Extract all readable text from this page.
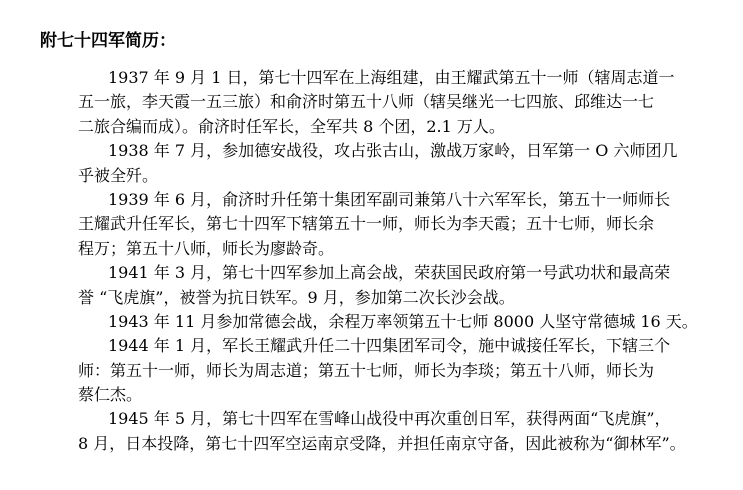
附七十四军简历：
1937 年 9 月 1 日，第七十四军在上海组建，由王耀武第五十一师（辖周志道一
五一旅，李天霞一五三旅）和俞济时第五十八师（辖吴继光一七四旅、邱维达一七
二旅合编而成）。俞济时任军长，全军共 8 个团，2.1 万人。
1938 年 7 月，参加德安战役，攻占张古山，激战万家岭，日军第一 O 六师团几
乎被全歼。
1939 年 6 月，俞济时升任第十集团军副司兼第八十六军军长，第五十一师师长
王耀武升任军长，第七十四军下辖第五十一师，师长为李天霞；五十七师，师长余
程万；第五十八师，师长为廖龄奇。
1941 年 3 月，第七十四军参加上高会战，荣获国民政府第一号武功状和最高荣
誉 “飞虎旗”，被誉为抗日铁军。9 月，参加第二次长沙会战。
1943 年 11 月参加常德会战，余程万率领第五十七师 8000 人坚守常德城 16 天。
1944 年 1 月，军长王耀武升任二十四集团军司令，施中诚接任军长，下辖三个
师：第五十一师，师长为周志道；第五十七师，师长为李琰；第五十八师，师长为
蔡仁杰。
1945 年 5 月，第七十四军在雪峰山战役中再次重创日军，获得两面“飞虎旗”，
8 月，日本投降，第七十四军空运南京受降，并担任南京守备，因此被称为“御林军”。
